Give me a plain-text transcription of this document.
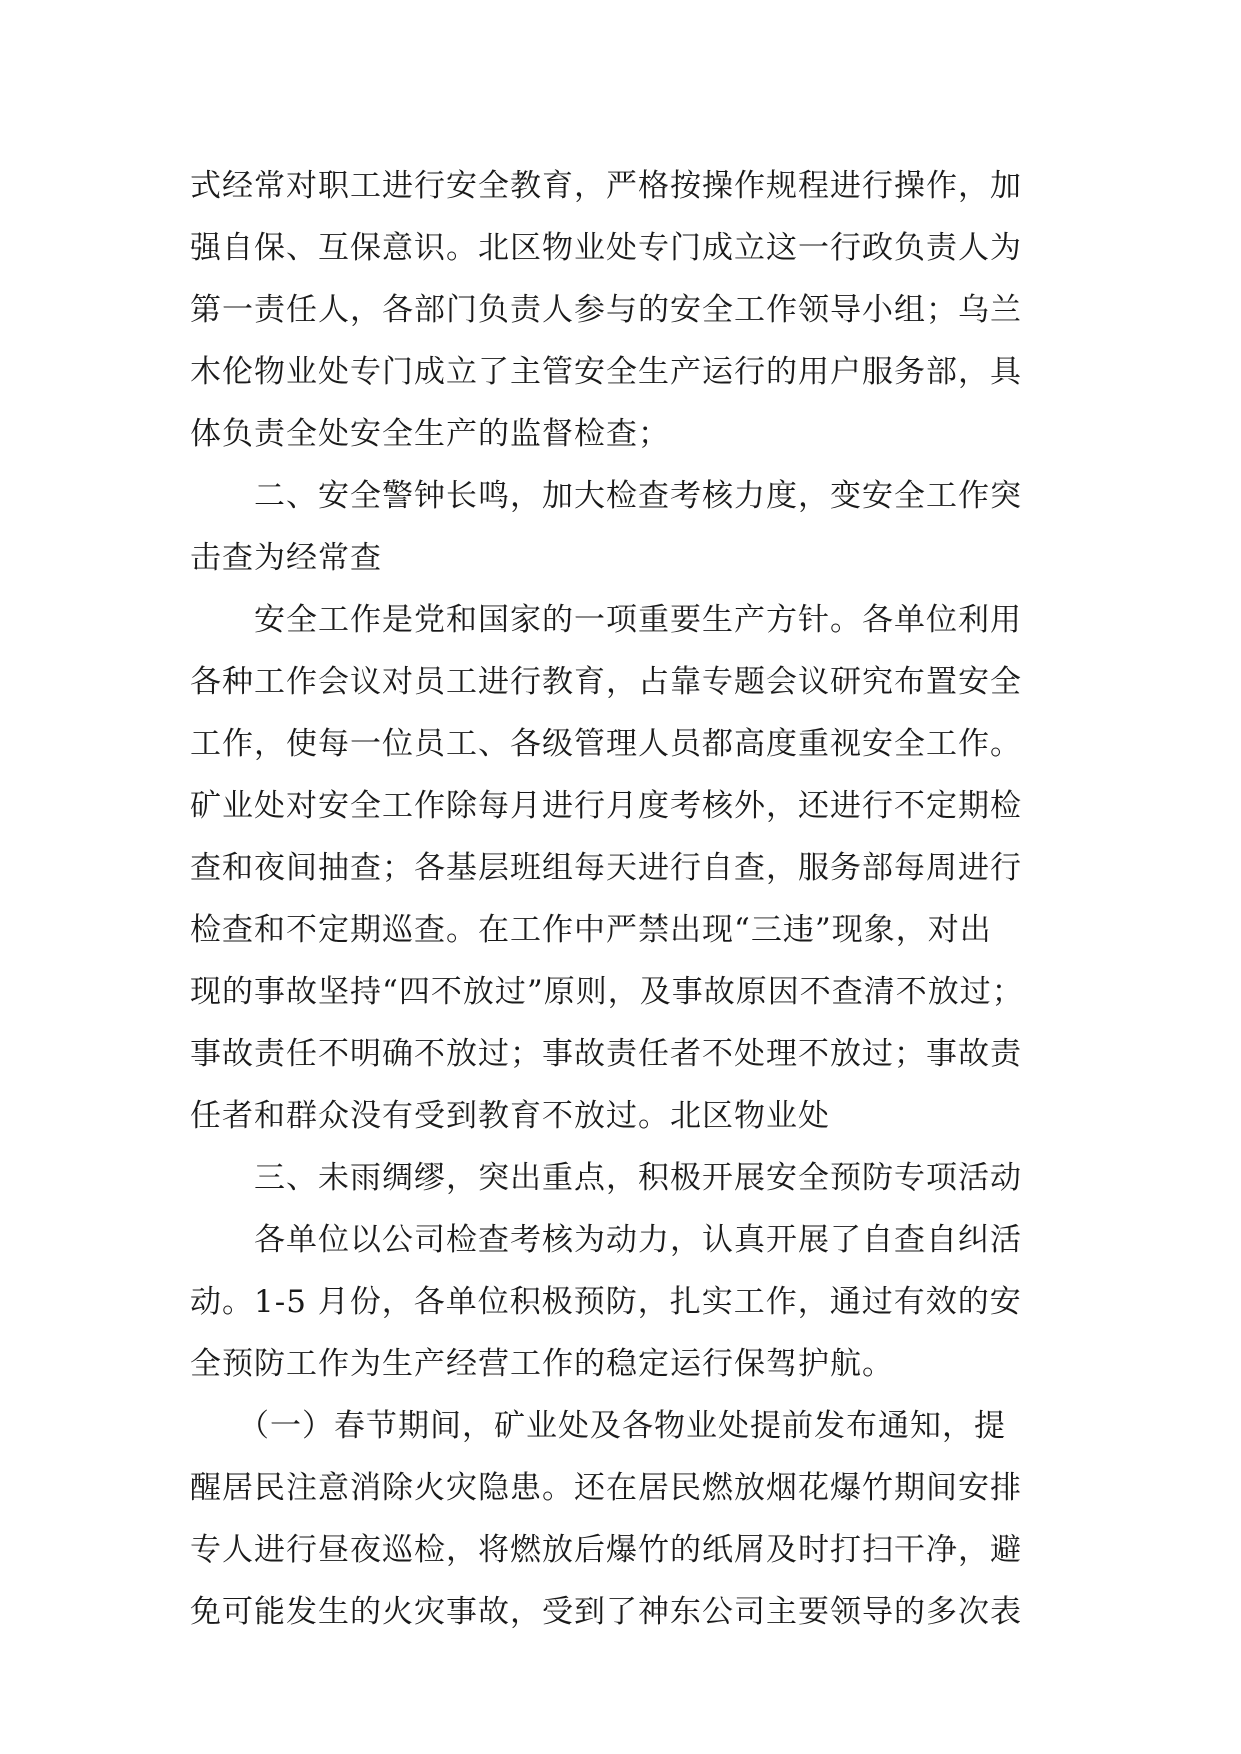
式经常对职工进行安全教育，严格按操作规程进行操作，加
强自保、互保意识。北区物业处专门成立这一行政负责人为
第一责任人，各部门负责人参与的安全工作领导小组；乌兰
木伦物业处专门成立了主管安全生产运行的用户服务部，具
体负责全处安全生产的监督检查；
二、安全警钟长鸣，加大检查考核力度，变安全工作突
击查为经常查
安全工作是党和国家的一项重要生产方针。各单位利用
各种工作会议对员工进行教育，占靠专题会议研究布置安全
工作，使每一位员工、各级管理人员都高度重视安全工作。
矿业处对安全工作除每月进行月度考核外，还进行不定期检
查和夜间抽查；各基层班组每天进行自查，服务部每周进行
检查和不定期巡查。在工作中严禁出现“三违”现象，对出
现的事故坚持“四不放过”原则，及事故原因不查清不放过；
事故责任不明确不放过；事故责任者不处理不放过；事故责
任者和群众没有受到教育不放过。北区物业处
三、未雨绸缪，突出重点，积极开展安全预防专项活动
各单位以公司检查考核为动力，认真开展了自查自纠活
动。1-5 月份，各单位积极预防，扎实工作，通过有效的安
全预防工作为生产经营工作的稳定运行保驾护航。
（一）春节期间，矿业处及各物业处提前发布通知，提
醒居民注意消除火灾隐患。还在居民燃放烟花爆竹期间安排
专人进行昼夜巡检，将燃放后爆竹的纸屑及时打扫干净，避
免可能发生的火灾事故，受到了神东公司主要领导的多次表
